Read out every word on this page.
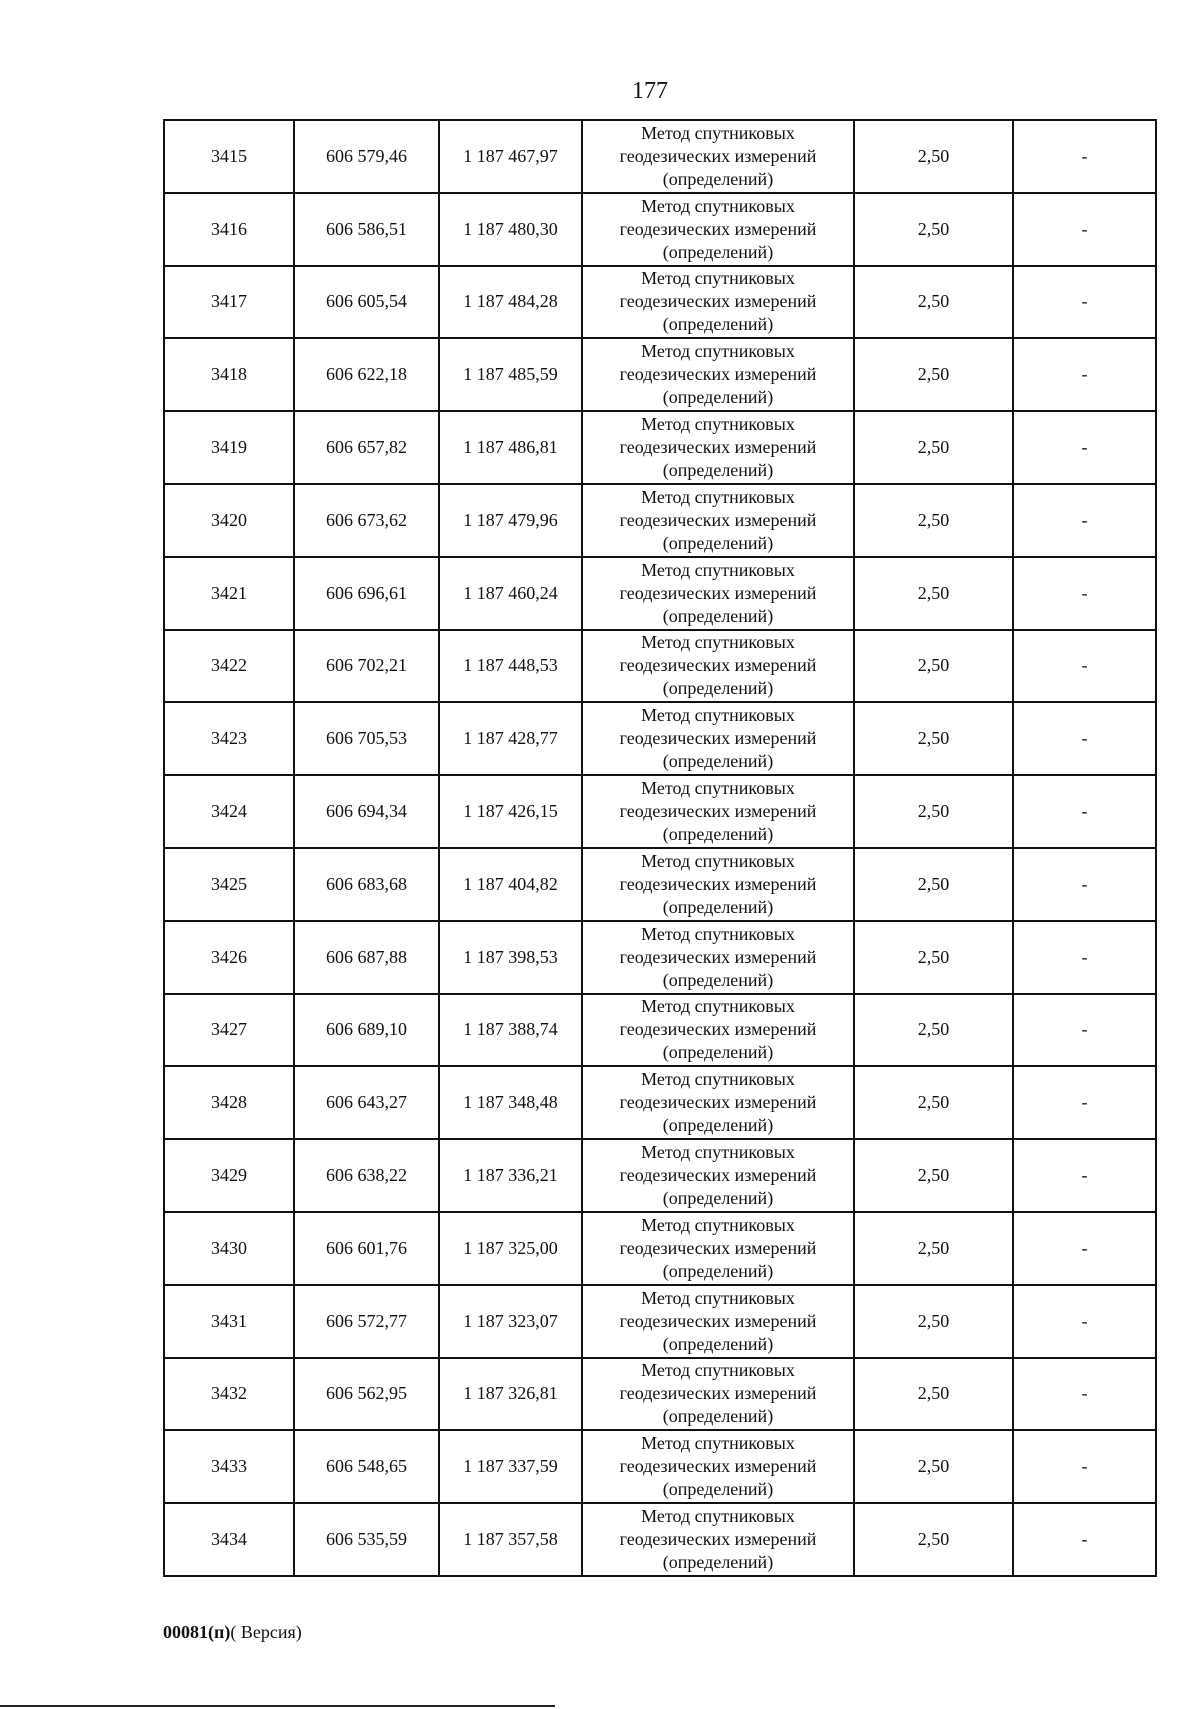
177
3415	606 579,46	1 187 467,97	Метод спутниковых
геодезических измерений
(определений)	2,50	-
3416	606 586,51	1 187 480,30	Метод спутниковых
геодезических измерений
(определений)	2,50	-
3417	606 605,54	1 187 484,28	Метод спутниковых
геодезических измерений
(определений)	2,50	-
3418	606 622,18	1 187 485,59	Метод спутниковых
геодезических измерений
(определений)	2,50	-
3419	606 657,82	1 187 486,81	Метод спутниковых
геодезических измерений
(определений)	2,50	-
3420	606 673,62	1 187 479,96	Метод спутниковых
геодезических измерений
(определений)	2,50	-
3421	606 696,61	1 187 460,24	Метод спутниковых
геодезических измерений
(определений)	2,50	-
3422	606 702,21	1 187 448,53	Метод спутниковых
геодезических измерений
(определений)	2,50	-
3423	606 705,53	1 187 428,77	Метод спутниковых
геодезических измерений
(определений)	2,50	-
3424	606 694,34	1 187 426,15	Метод спутниковых
геодезических измерений
(определений)	2,50	-
3425	606 683,68	1 187 404,82	Метод спутниковых
геодезических измерений
(определений)	2,50	-
3426	606 687,88	1 187 398,53	Метод спутниковых
геодезических измерений
(определений)	2,50	-
3427	606 689,10	1 187 388,74	Метод спутниковых
геодезических измерений
(определений)	2,50	-
3428	606 643,27	1 187 348,48	Метод спутниковых
геодезических измерений
(определений)	2,50	-
3429	606 638,22	1 187 336,21	Метод спутниковых
геодезических измерений
(определений)	2,50	-
3430	606 601,76	1 187 325,00	Метод спутниковых
геодезических измерений
(определений)	2,50	-
3431	606 572,77	1 187 323,07	Метод спутниковых
геодезических измерений
(определений)	2,50	-
3432	606 562,95	1 187 326,81	Метод спутниковых
геодезических измерений
(определений)	2,50	-
3433	606 548,65	1 187 337,59	Метод спутниковых
геодезических измерений
(определений)	2,50	-
3434	606 535,59	1 187 357,58	Метод спутниковых
геодезических измерений
(определений)	2,50	-
00081(п)( Версия)
